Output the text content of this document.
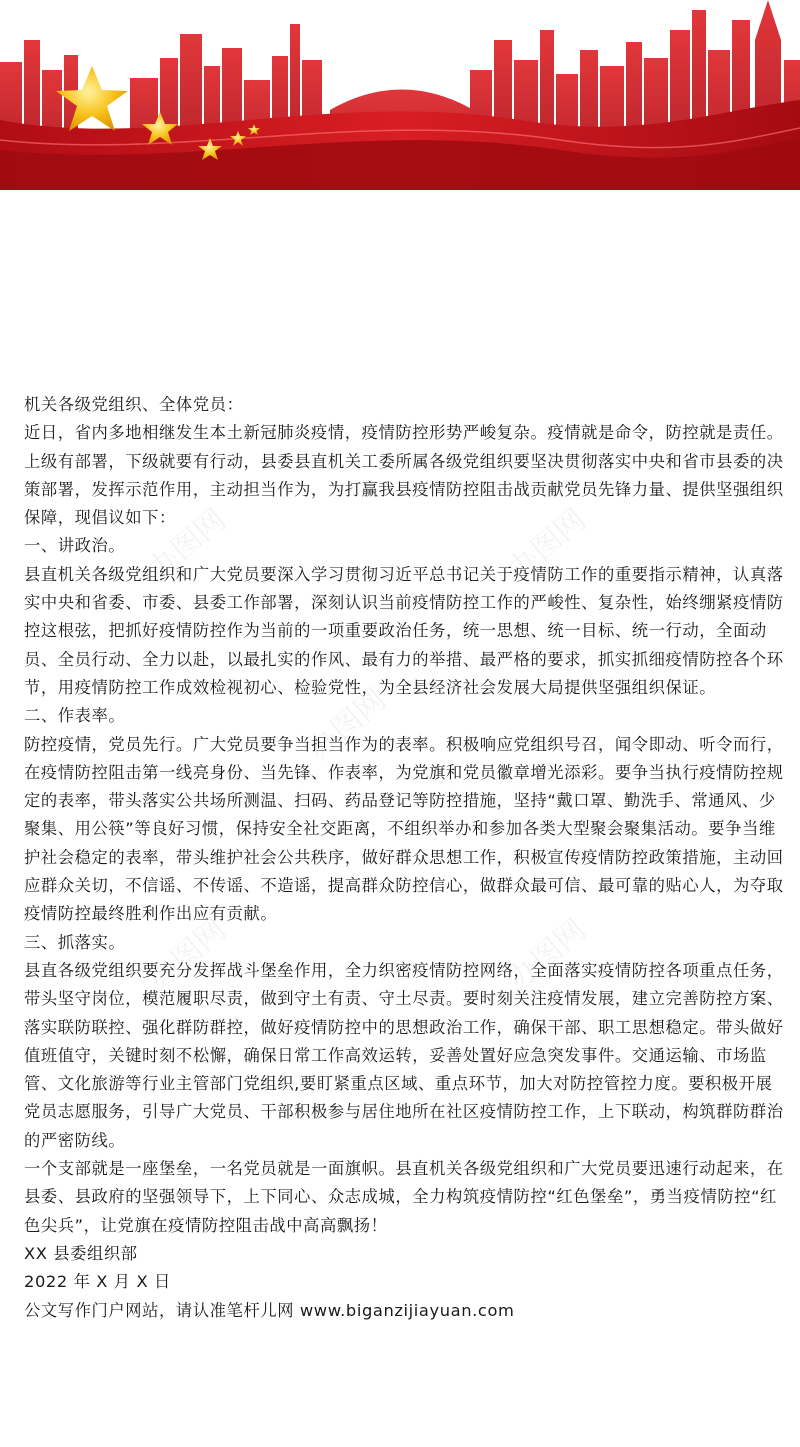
机关各级党组织、全体党员：

近日，省内多地相继发生本土新冠肺炎疫情，疫情防控形势严峻复杂。疫情就是命令，防控就是责任。上级有部署，下级就要有行动，县委县直机关工委所属各级党组织要坚决贯彻落实中央和省市县委的决策部署，发挥示范作用，主动担当作为，为打赢我县疫情防控阻击战贡献党员先锋力量、提供坚强组织保障，现倡议如下：

一、讲政治。

县直机关各级党组织和广大党员要深入学习贯彻习近平总书记关于疫情防工作的重要指示精神，认真落实中央和省委、市委、县委工作部署，深刻认识当前疫情防控工作的严峻性、复杂性，始终绷紧疫情防控这根弦，把抓好疫情防控作为当前的一项重要政治任务，统一思想、统一目标、统一行动，全面动员、全员行动、全力以赴，以最扎实的作风、最有力的举措、最严格的要求，抓实抓细疫情防控各个环节，用疫情防控工作成效检视初心、检验党性，为全县经济社会发展大局提供坚强组织保证。

二、作表率。

防控疫情，党员先行。广大党员要争当担当作为的表率。积极响应党组织号召，闻令即动、听令而行，在疫情防控阻击第一线亮身份、当先锋、作表率，为党旗和党员徽章增光添彩。要争当执行疫情防控规定的表率，带头落实公共场所测温、扫码、药品登记等防控措施，坚持“戴口罩、勤洗手、常通风、少聚集、用公筷”等良好习惯，保持安全社交距离，不组织举办和参加各类大型聚会聚集活动。要争当维护社会稳定的表率，带头维护社会公共秩序，做好群众思想工作，积极宣传疫情防控政策措施，主动回应群众关切，不信谣、不传谣、不造谣，提高群众防控信心，做群众最可信、最可靠的贴心人，为夺取疫情防控最终胜利作出应有贡献。

三、抓落实。

县直各级党组织要充分发挥战斗堡垒作用，全力织密疫情防控网络，全面落实疫情防控各项重点任务，带头坚守岗位，模范履职尽责，做到守土有责、守土尽责。要时刻关注疫情发展，建立完善防控方案、落实联防联控、强化群防群控，做好疫情防控中的思想政治工作，确保干部、职工思想稳定。带头做好值班值守，关键时刻不松懈，确保日常工作高效运转，妥善处置好应急突发事件。交通运输、市场监管、文化旅游等行业主管部门党组织,要盯紧重点区域、重点环节，加大对防控管控力度。要积极开展党员志愿服务，引导广大党员、干部积极参与居住地所在社区疫情防控工作，上下联动，构筑群防群治的严密防线。

一个支部就是一座堡垒，一名党员就是一面旗帜。县直机关各级党组织和广大党员要迅速行动起来，在县委、县政府的坚强领导下，上下同心、众志成城，全力构筑疫情防控“红色堡垒”，勇当疫情防控“红色尖兵”，让党旗在疫情防控阻击战中高高飘扬！

XX 县委组织部

2022 年 X 月 X 日

公文写作门户网站，请认准笔杆儿网 www.biganzijiayuan.com
